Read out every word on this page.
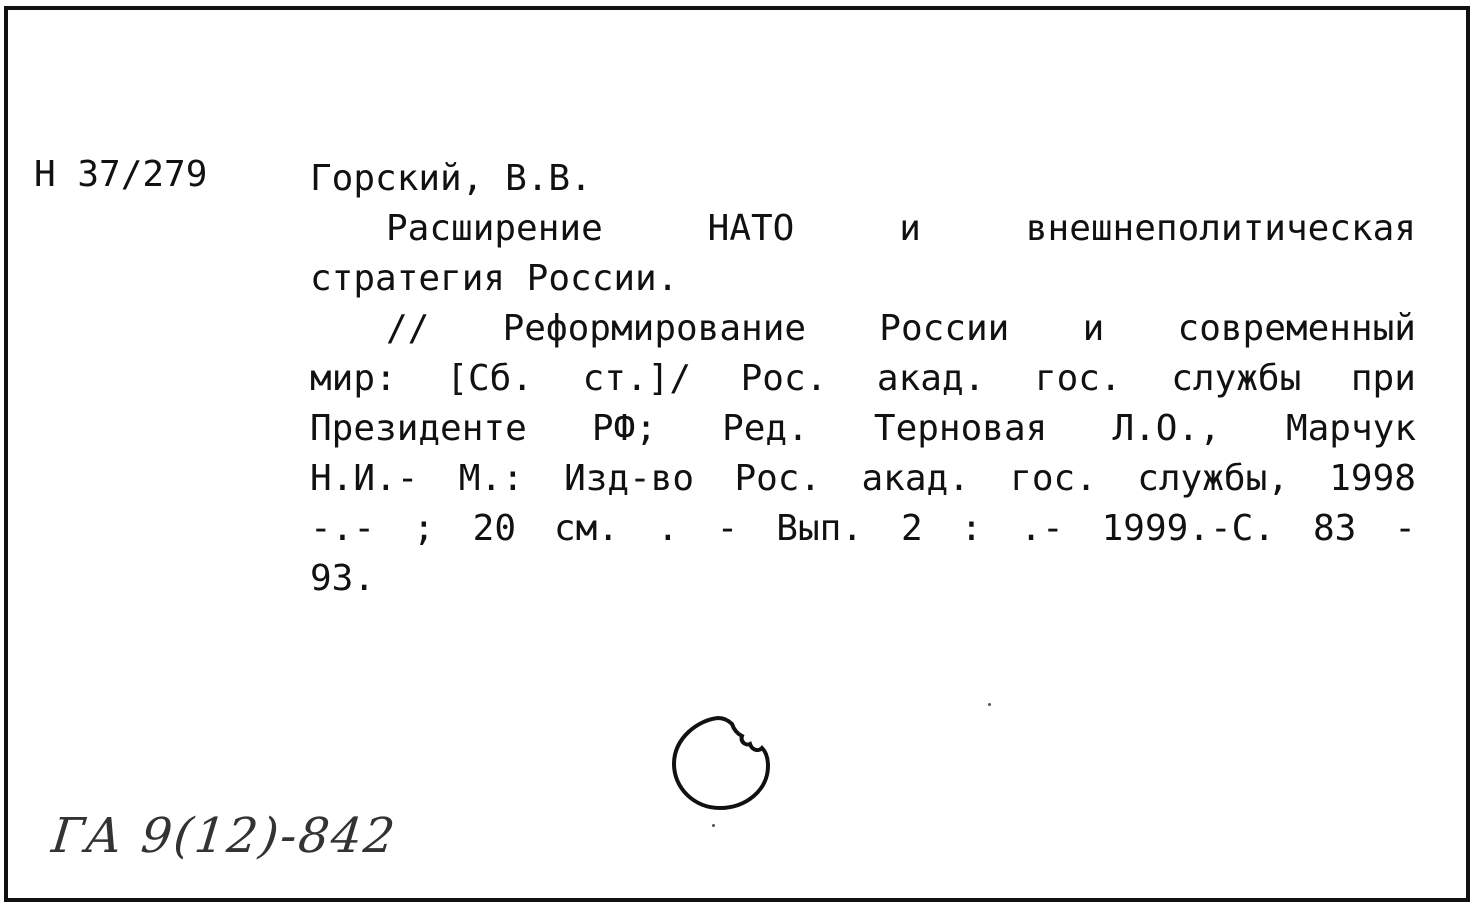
Н 37/279	Горский, В.В.
Расширение	НАТО	и	внешнеполитическая
стратегия России.
// Реформирование России и современный
мир: [Сб. ст.]/ Рос. акад. гос. службы при
Президенте РФ; Ред. Терновая Л.О., Марчук
Н.И.- М.: Изд-во Рос. акад. гос. службы, 1998
-.- ; 20 см. . - Вып. 2 : .- 1999.-С. 83 -
93.
ГА 9(12)-842
